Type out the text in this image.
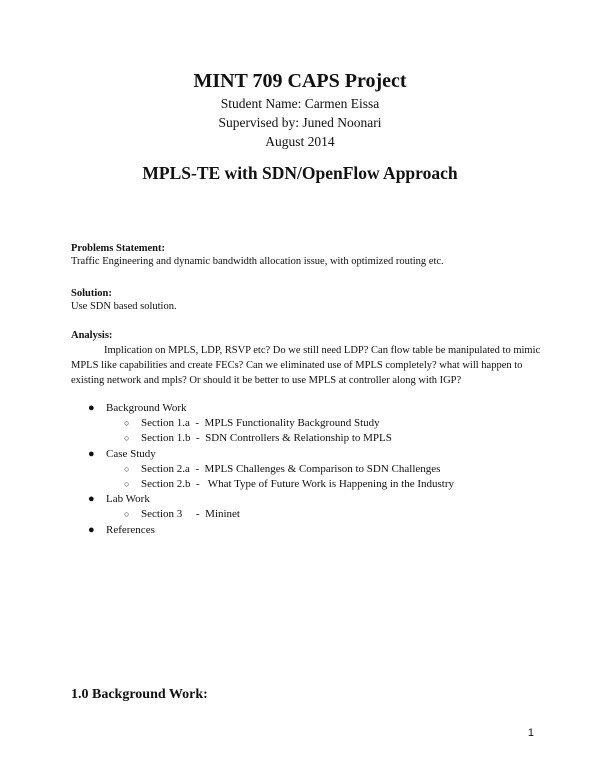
MINT 709 CAPS Project

Student Name: Carmen Eissa

Supervised by: Juned Noonari

August 2014

MPLS-TE with SDN/OpenFlow Approach
Problems Statement:
Traffic Engineering and dynamic bandwidth allocation issue, with optimized routing etc.
Solution:
Use SDN based solution.
Analysis:

Implication on MPLS, LDP, RSVP etc? Do we still need LDP? Can flow table be manipulated to mimic MPLS like capabilities and create FECs? Can we eliminated use of MPLS completely? what will happen to existing network and mpls? Or should it be better to use MPLS at controller along with IGP?

● Background Work
○ Section 1.a  -  MPLS Functionality Background Study
○ Section 1.b  -  SDN Controllers & Relationship to MPLS
● Case Study
○ Section 2.a  -  MPLS Challenges & Comparison to SDN Challenges
○ Section 2.b  -   What Type of Future Work is Happening in the Industry
● Lab Work
○ Section 3     -  Mininet
● References
1.0 Background Work:
1
